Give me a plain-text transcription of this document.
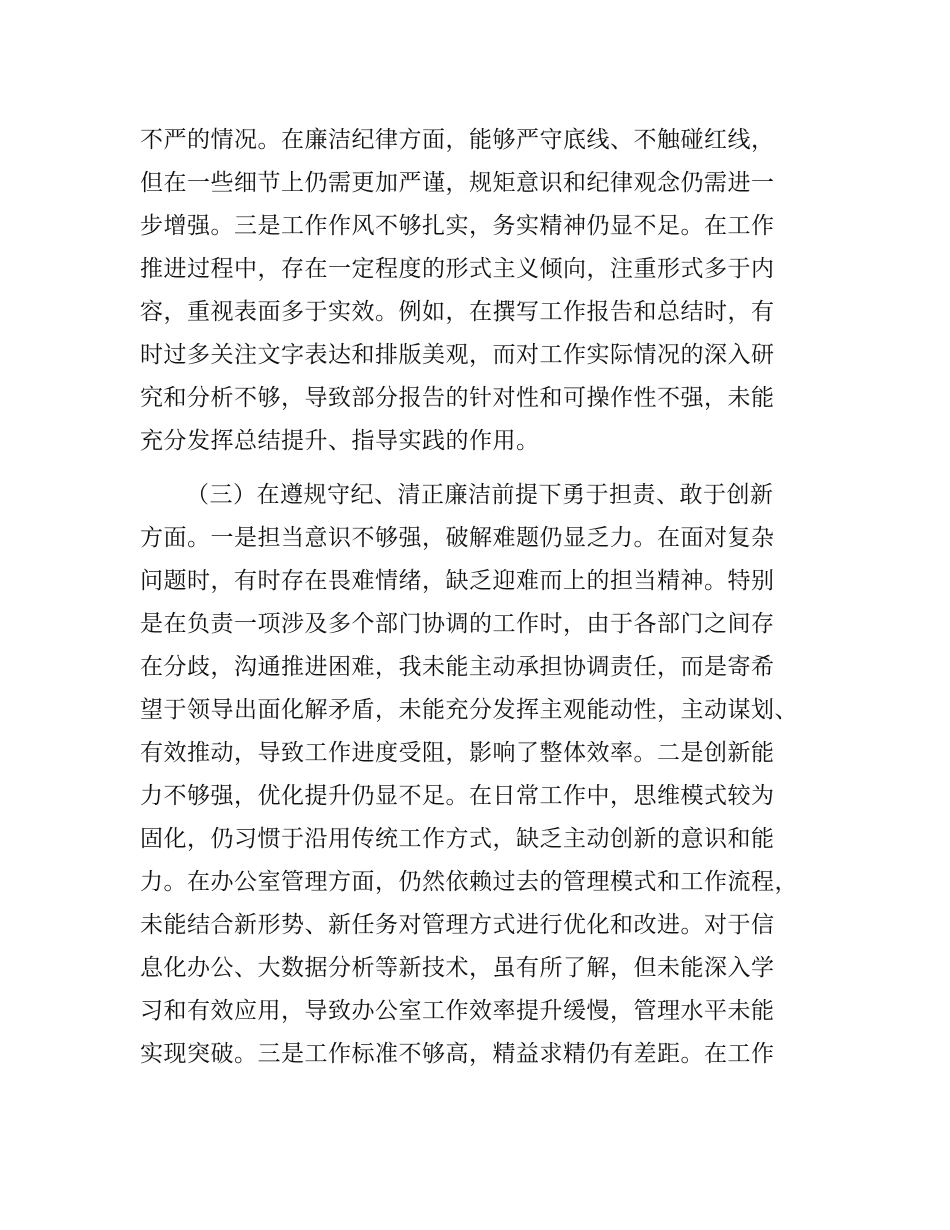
不严的情况。在廉洁纪律方面，能够严守底线、不触碰红线，
但在一些细节上仍需更加严谨，规矩意识和纪律观念仍需进一
步增强。三是工作作风不够扎实，务实精神仍显不足。在工作
推进过程中，存在一定程度的形式主义倾向，注重形式多于内
容，重视表面多于实效。例如，在撰写工作报告和总结时，有
时过多关注文字表达和排版美观，而对工作实际情况的深入研
究和分析不够，导致部分报告的针对性和可操作性不强，未能
充分发挥总结提升、指导实践的作用。
（三）在遵规守纪、清正廉洁前提下勇于担责、敢于创新
方面。一是担当意识不够强，破解难题仍显乏力。在面对复杂
问题时，有时存在畏难情绪，缺乏迎难而上的担当精神。特别
是在负责一项涉及多个部门协调的工作时，由于各部门之间存
在分歧，沟通推进困难，我未能主动承担协调责任，而是寄希
望于领导出面化解矛盾，未能充分发挥主观能动性，主动谋划、
有效推动，导致工作进度受阻，影响了整体效率。二是创新能
力不够强，优化提升仍显不足。在日常工作中，思维模式较为
固化，仍习惯于沿用传统工作方式，缺乏主动创新的意识和能
力。在办公室管理方面，仍然依赖过去的管理模式和工作流程，
未能结合新形势、新任务对管理方式进行优化和改进。对于信
息化办公、大数据分析等新技术，虽有所了解，但未能深入学
习和有效应用，导致办公室工作效率提升缓慢，管理水平未能
实现突破。三是工作标准不够高，精益求精仍有差距。在工作
